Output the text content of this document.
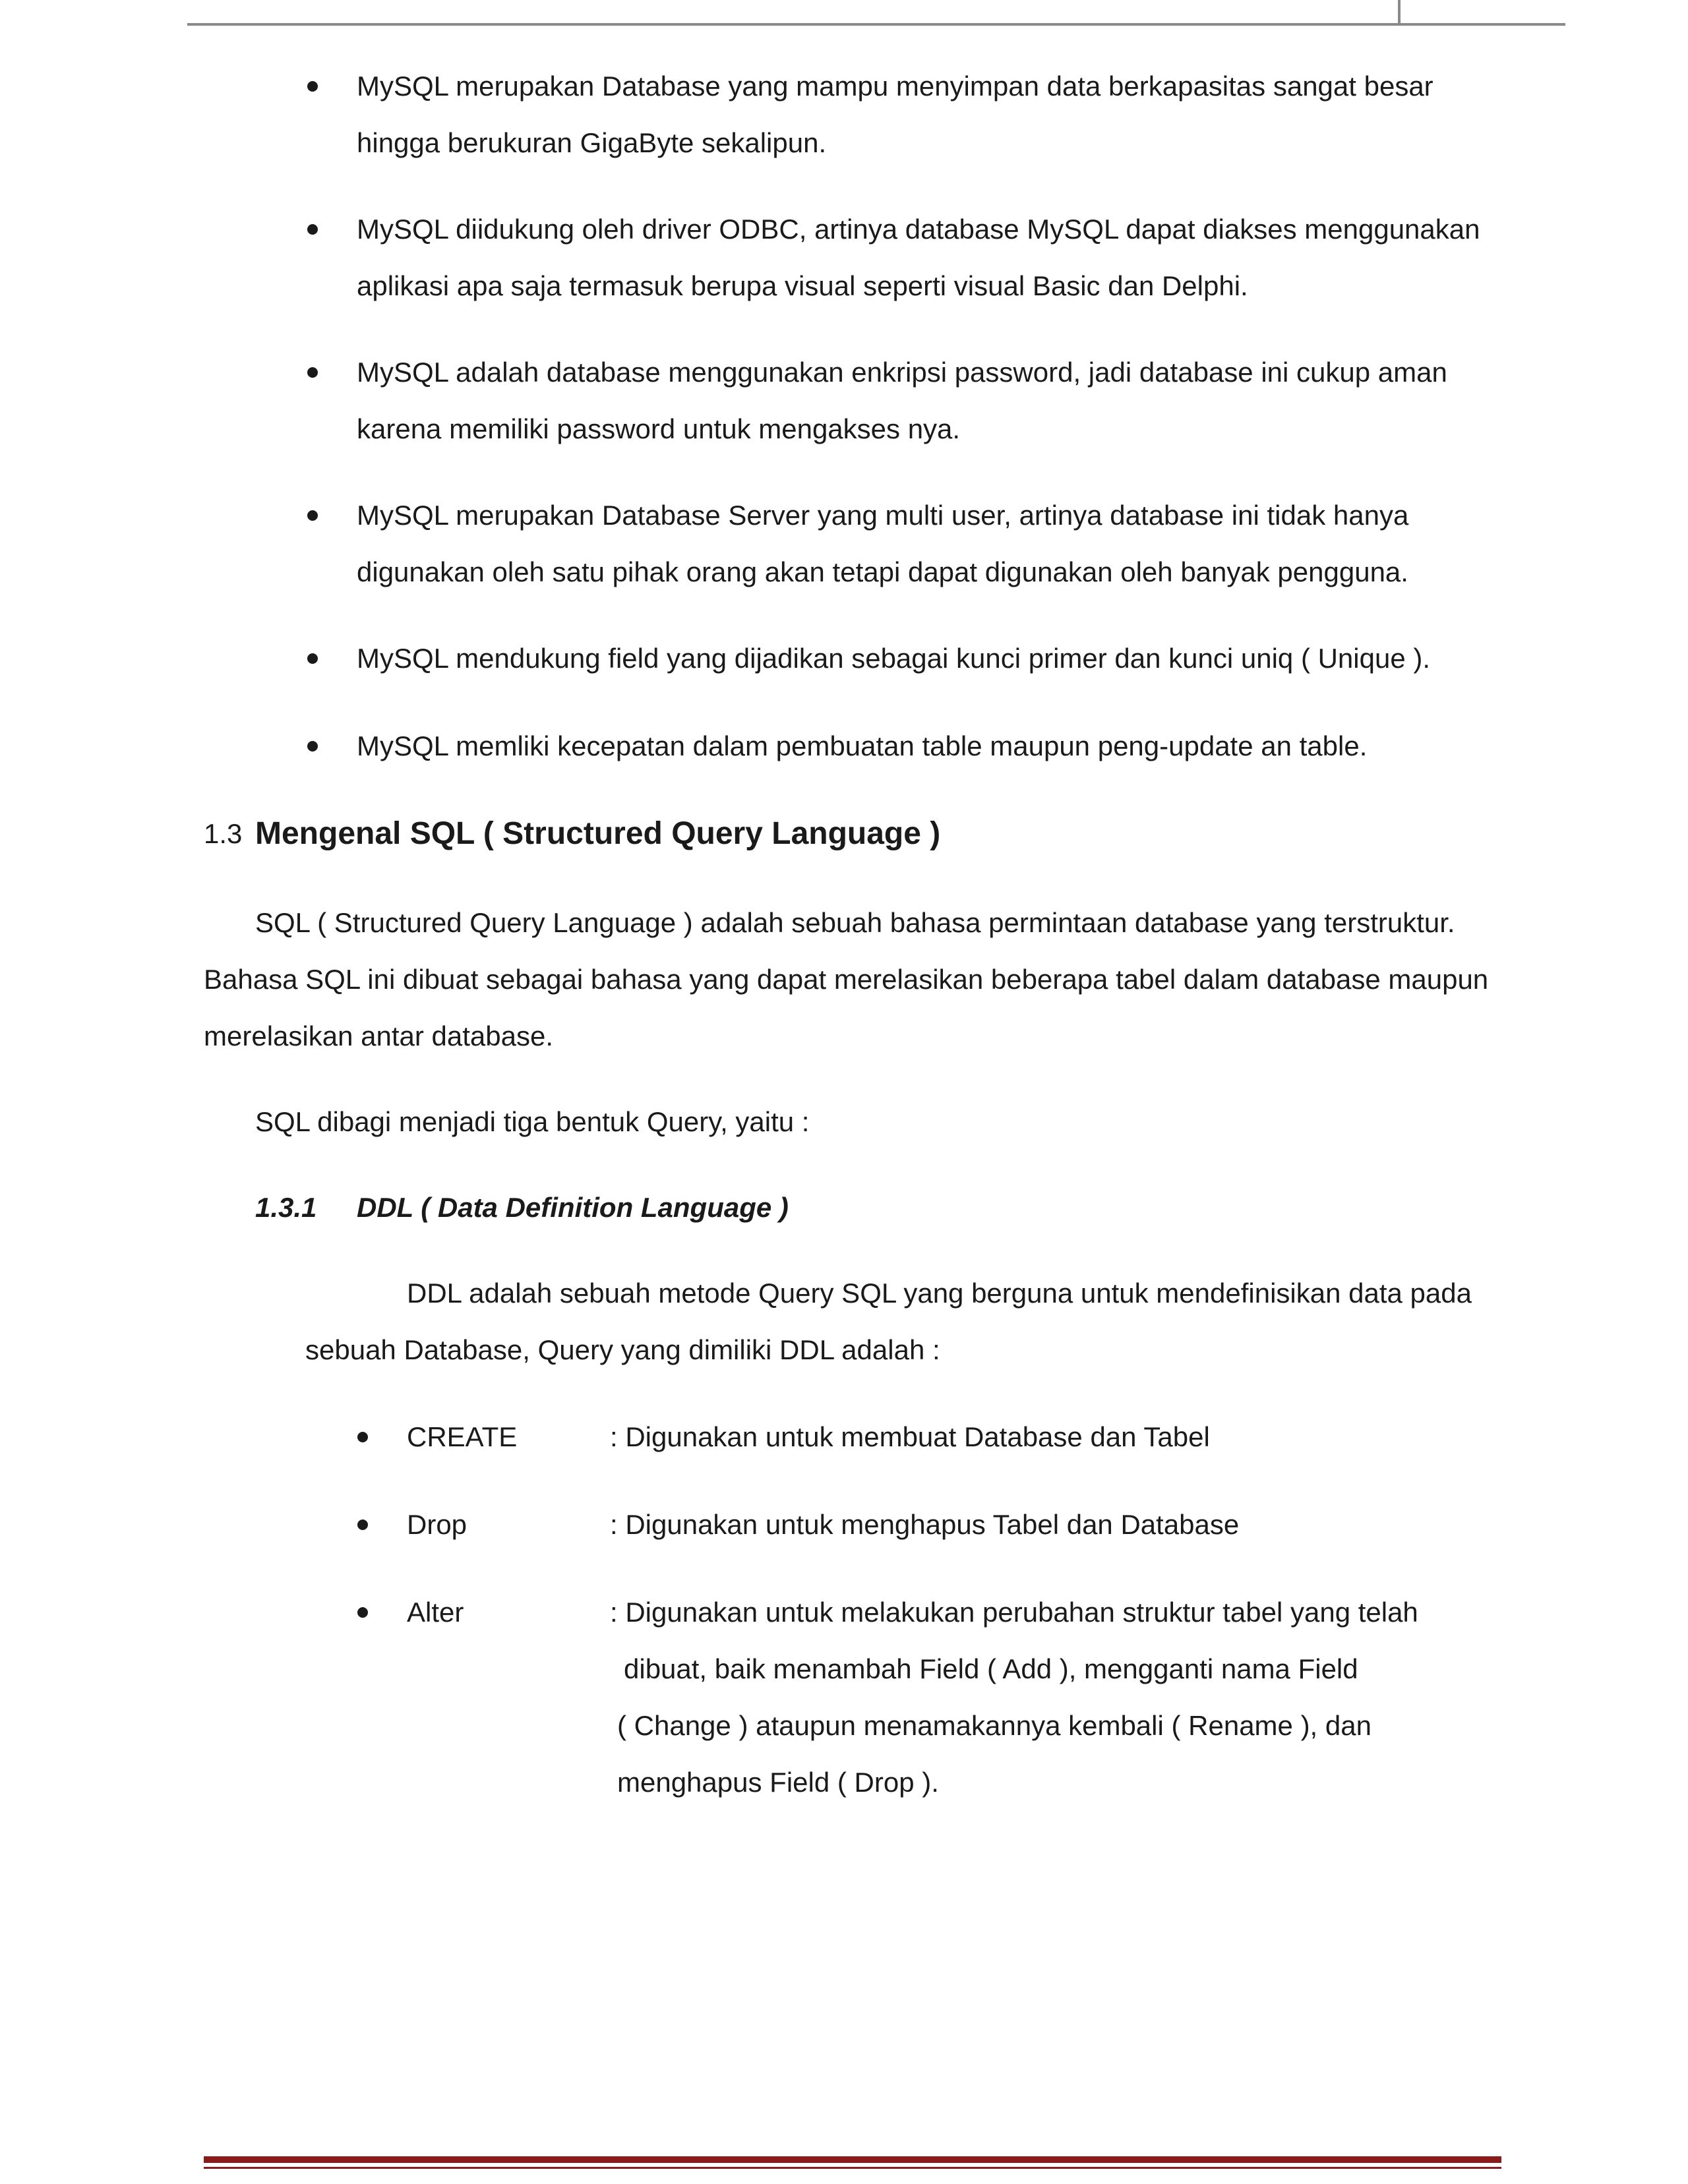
MySQL merupakan Database yang mampu menyimpan data berkapasitas sangat besar
hingga berukuran GigaByte sekalipun.
MySQL diidukung oleh driver ODBC, artinya database MySQL dapat diakses menggunakan
aplikasi apa saja termasuk berupa visual seperti visual Basic dan Delphi.
MySQL adalah database menggunakan enkripsi password, jadi database ini cukup aman
karena memiliki password untuk mengakses nya.
MySQL merupakan Database Server yang multi user, artinya database ini tidak hanya
digunakan oleh satu pihak orang akan tetapi dapat digunakan oleh banyak pengguna.
MySQL mendukung field yang dijadikan sebagai kunci primer dan kunci uniq ( Unique ).
MySQL memliki kecepatan dalam pembuatan table maupun peng-update an table.
1.3 Mengenal SQL ( Structured Query Language )
SQL ( Structured Query Language ) adalah sebuah bahasa permintaan database yang terstruktur.
Bahasa SQL ini dibuat sebagai bahasa yang dapat merelasikan beberapa tabel dalam database maupun
merelasikan antar database.
SQL dibagi menjadi tiga bentuk Query, yaitu :
1.3.1 DDL ( Data Definition Language )
DDL adalah sebuah metode Query SQL yang berguna untuk mendefinisikan data pada
sebuah Database, Query yang dimiliki DDL adalah :
CREATE	: Digunakan untuk membuat Database dan Tabel
Drop	: Digunakan untuk menghapus Tabel dan Database
Alter	: Digunakan untuk melakukan perubahan struktur tabel yang telah
dibuat, baik menambah Field ( Add ), mengganti nama Field
( Change ) ataupun menamakannya kembali ( Rename ), dan
menghapus Field ( Drop ).
